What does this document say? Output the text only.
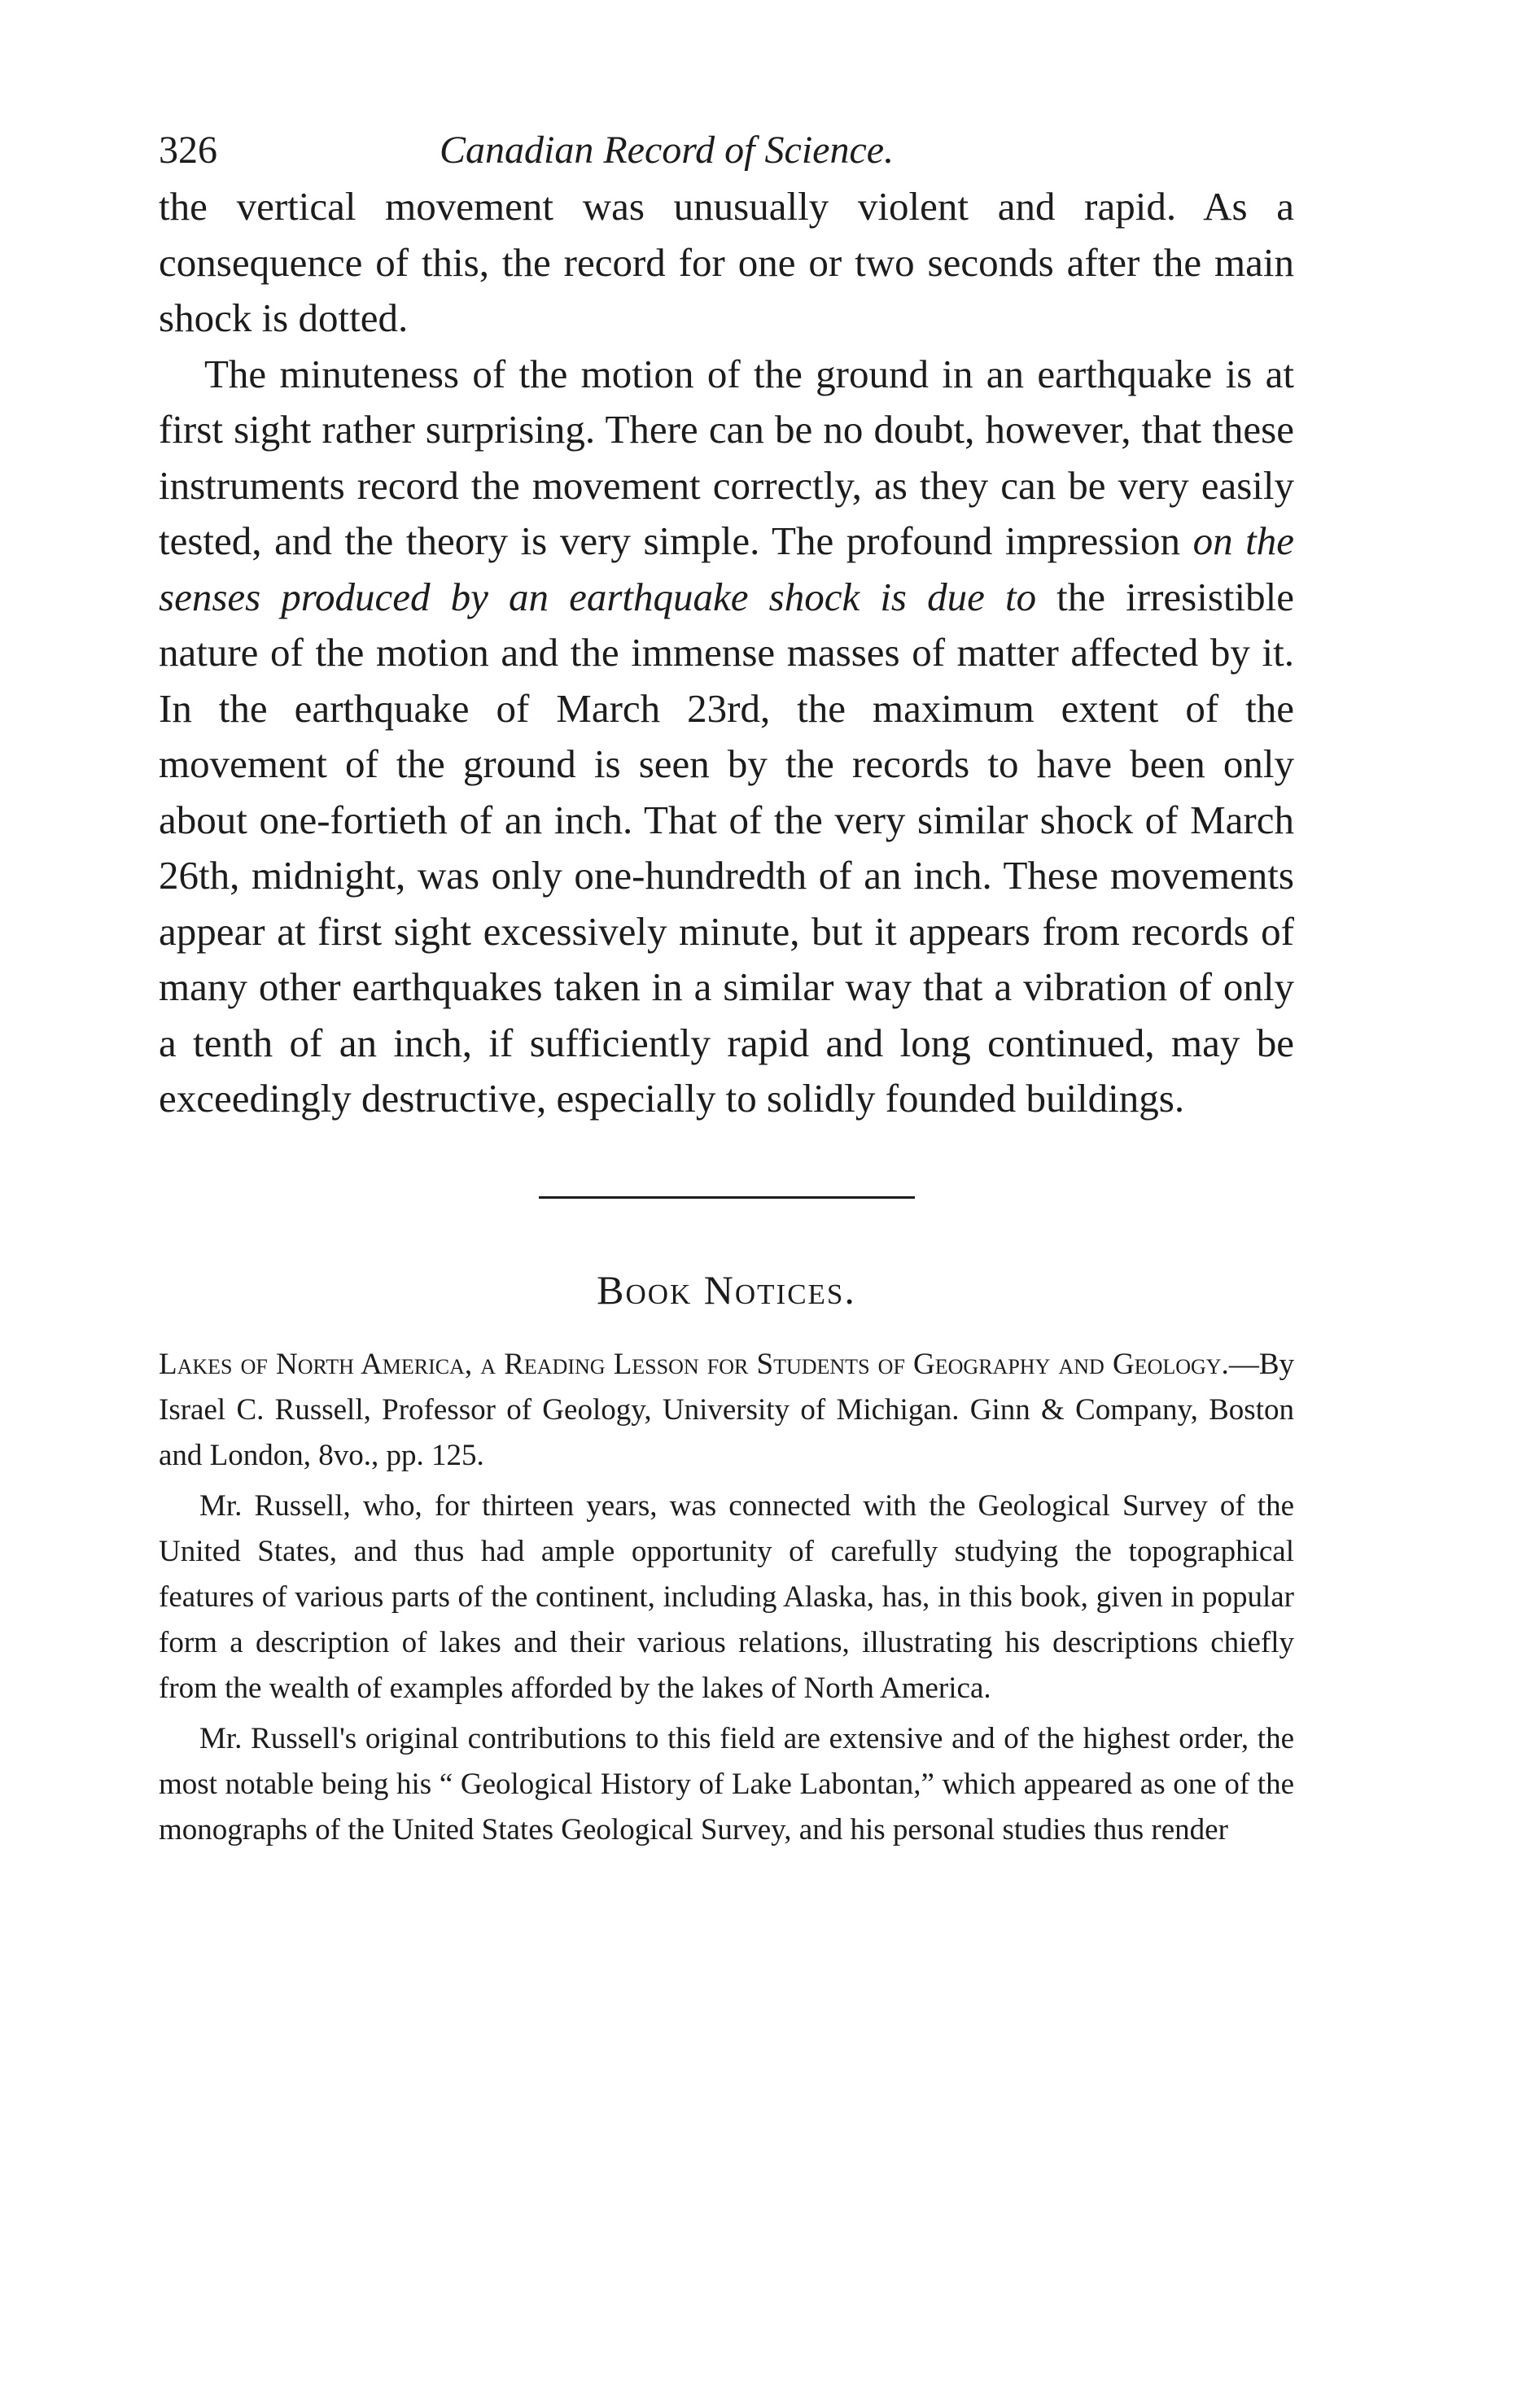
326	Canadian Record of Science.

the vertical movement was unusually violent and rapid. As a consequence of this, the record for one or two seconds after the main shock is dotted.

The minuteness of the motion of the ground in an earthquake is at first sight rather surprising. There can be no doubt, however, that these instruments record the movement correctly, as they can be very easily tested, and the theory is very simple. The profound impression on the senses produced by an earthquake shock is due to the irresistible nature of the motion and the immense masses of matter affected by it. In the earthquake of March 23rd, the maximum extent of the movement of the ground is seen by the records to have been only about one-fortieth of an inch. That of the very similar shock of March 26th, midnight, was only one-hundredth of an inch. These movements appear at first sight excessively minute, but it appears from records of many other earthquakes taken in a similar way that a vibration of only a tenth of an inch, if sufficiently rapid and long continued, may be exceedingly destructive, especially to solidly founded buildings.

Book Notices.

Lakes of North America, a Reading Lesson for Students of Geography and Geology.—By Israel C. Russell, Professor of Geology, University of Michigan. Ginn & Company, Boston and London, 8vo., pp. 125.

Mr. Russell, who, for thirteen years, was connected with the Geological Survey of the United States, and thus had ample opportunity of carefully studying the topographical features of various parts of the continent, including Alaska, has, in this book, given in popular form a description of lakes and their various relations, illustrating his descriptions chiefly from the wealth of examples afforded by the lakes of North America.

Mr. Russell's original contributions to this field are extensive and of the highest order, the most notable being his “ Geological History of Lake Labontan,” which appeared as one of the monographs of the United States Geological Survey, and his personal studies thus render
